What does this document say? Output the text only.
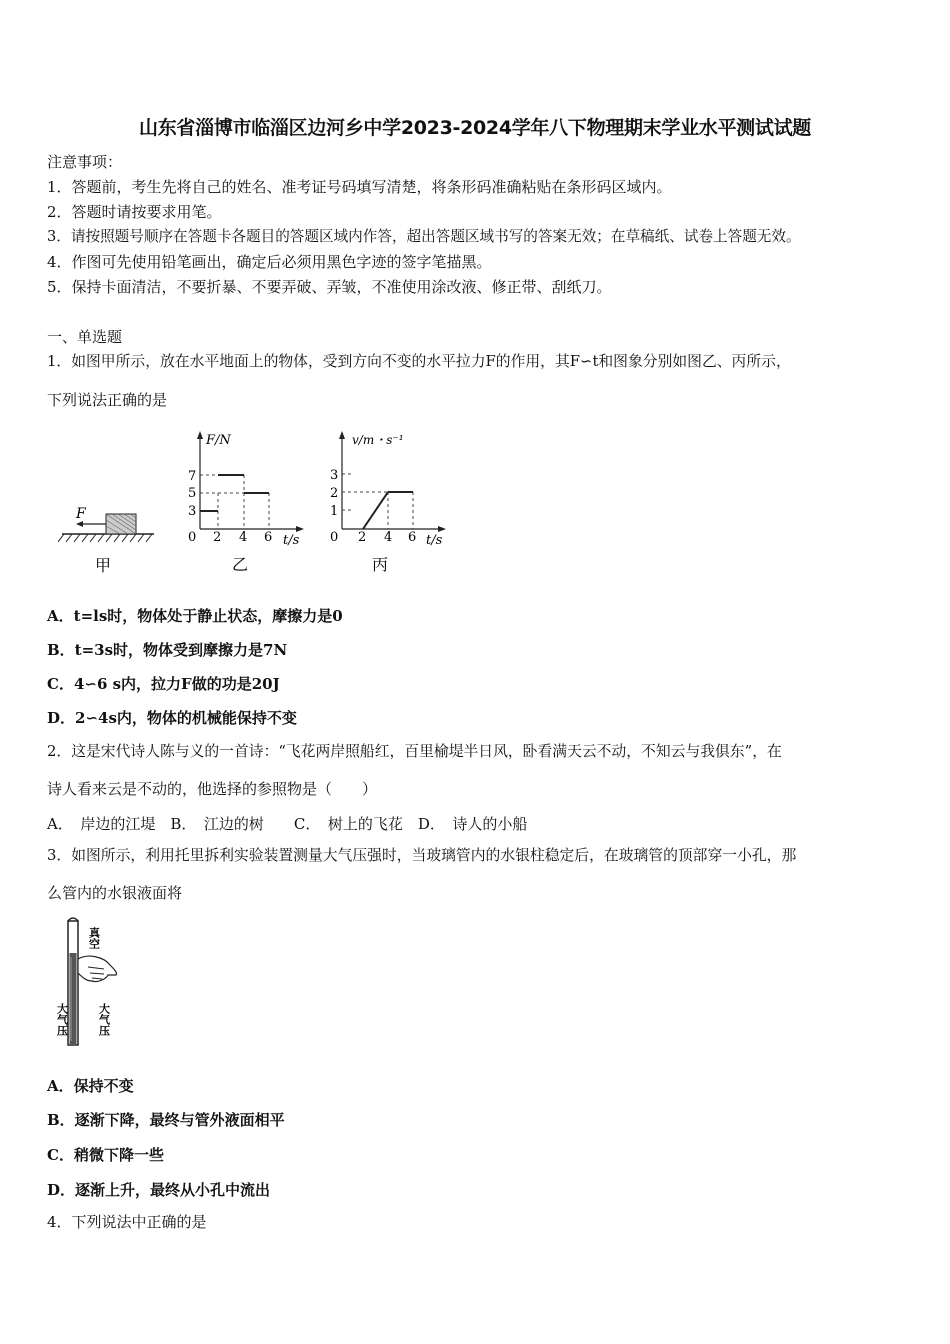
山东省淄博市临淄区边河乡中学2023-2024学年八下物理期末学业水平测试试题
注意事项：
1．答题前，考生先将自己的姓名、准考证号码填写清楚，将条形码准确粘贴在条形码区域内。
2．答题时请按要求用笔。
3．请按照题号顺序在答题卡各题目的答题区域内作答，超出答题区域书写的答案无效；在草稿纸、试卷上答题无效。
4．作图可先使用铅笔画出，确定后必须用黑色字迹的签字笔描黑。
5．保持卡面清洁，不要折暴、不要弄破、弄皱，不准使用涂改液、修正带、刮纸刀。
一、单选题
1．如图甲所示，放在水平地面上的物体，受到方向不变的水平拉力F的作用，其F∽t和图象分别如图乙、丙所示，
下列说法正确的是
F
甲
F/N
t/s
0
7
5
3
2 4 6
乙
v/m・s⁻¹
t/s
0
3
2
1
2 4 6
丙
A．t=ls时，物体处于静止状态，摩擦力是0
B．t=3s时，物体受到摩擦力是7N
C．4∽6 s内，拉力F做的功是20J
D．2∽4s内，物体的机械能保持不变
2．这是宋代诗人陈与义的一首诗：“飞花两岸照船红，百里榆堤半日风，卧看满天云不动，不知云与我俱东”，在
诗人看来云是不动的，他选择的参照物是（　　）
A．　岸边的江堤　B．　江边的树　　C．　树上的飞花　D．　诗人的小船
3．如图所示，利用托里拆利实验装置测量大气压强时，当玻璃管内的水银柱稳定后，在玻璃管的顶部穿一小孔，那
么管内的水银液面将
真空
大气压	大气压
A．保持不变
B．逐渐下降，最终与管外液面相平
C．稍微下降一些
D．逐渐上升，最终从小孔中流出
4．下列说法中正确的是
